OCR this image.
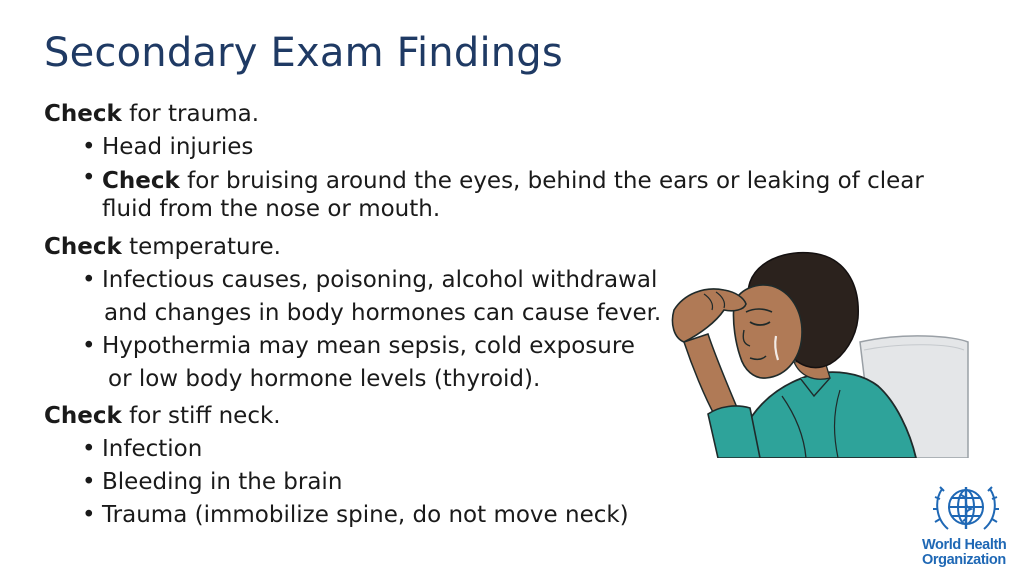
Secondary Exam Findings
Check for trauma.
• Head injuries
• Check for bruising around the eyes, behind the ears or leaking of clear
fluid from the nose or mouth.
Check temperature.
• Infectious causes, poisoning, alcohol withdrawal
and changes in body hormones can cause fever.
• Hypothermia may mean sepsis, cold exposure
or low body hormone levels (thyroid).
Check for stiff neck.
• Infection
• Bleeding in the brain
• Trauma (immobilize spine, do not move neck)
World Health
Organization
